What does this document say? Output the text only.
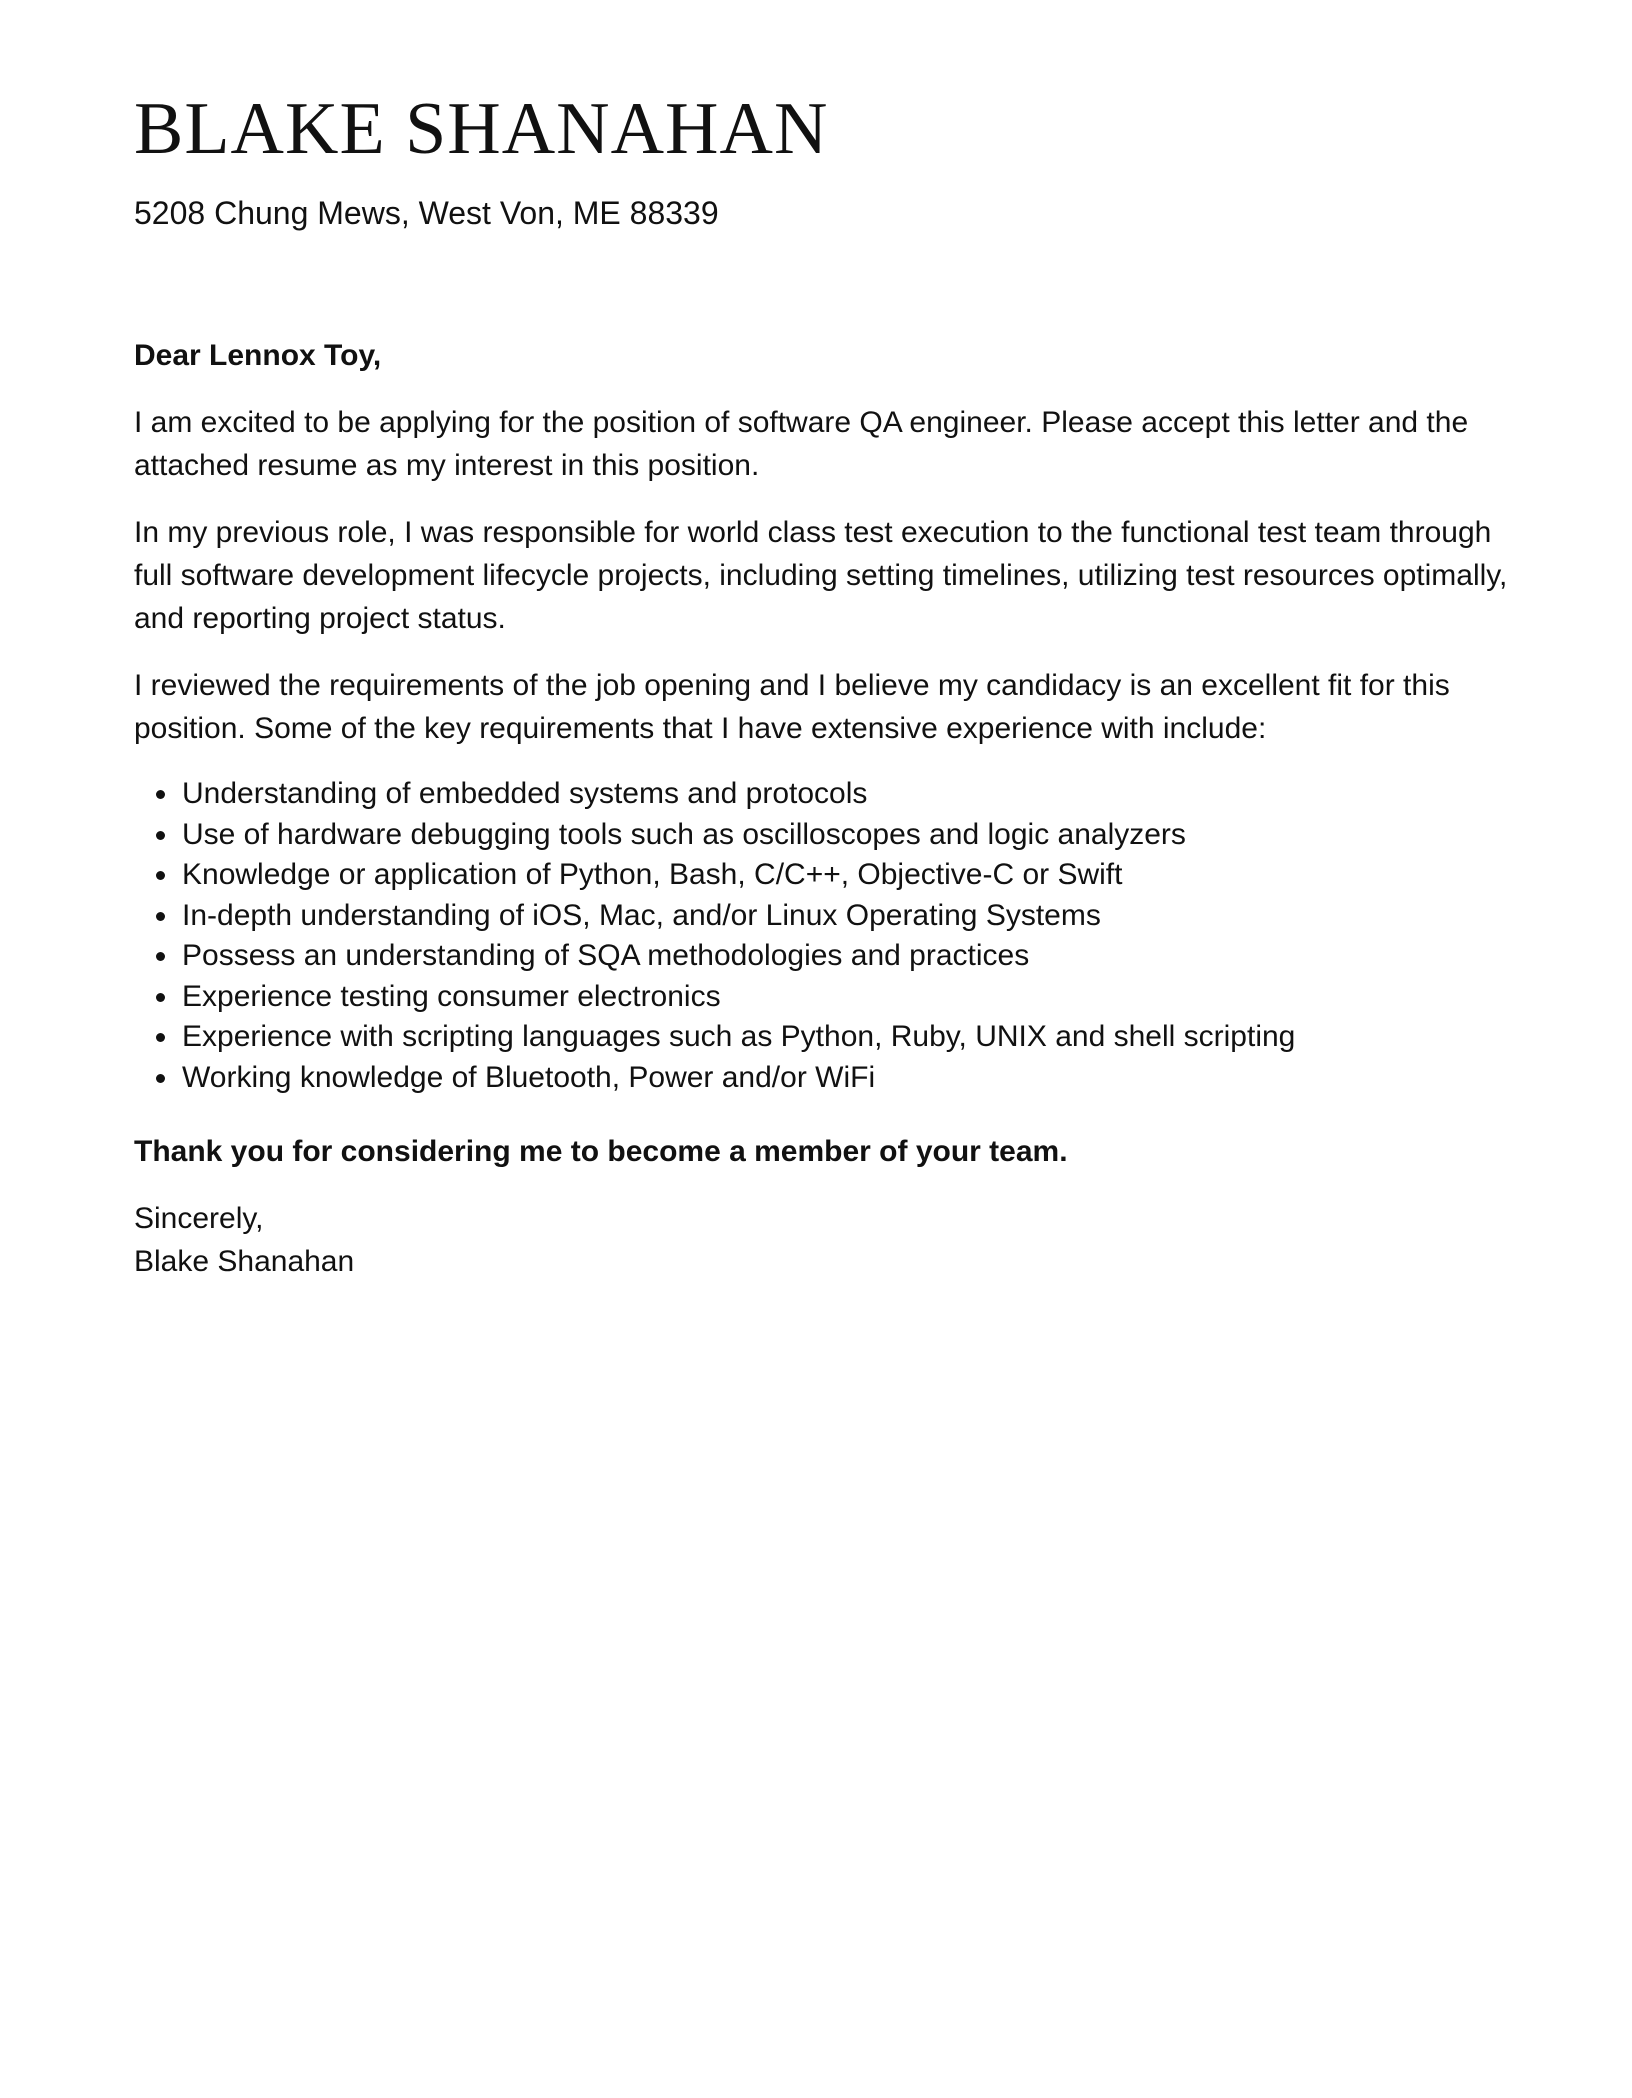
BLAKE SHANAHAN

5208 Chung Mews, West Von, ME 88339

Dear Lennox Toy,

I am excited to be applying for the position of software QA engineer. Please accept this letter and the attached resume as my interest in this position.

In my previous role, I was responsible for world class test execution to the functional test team through full software development lifecycle projects, including setting timelines, utilizing test resources optimally, and reporting project status.

I reviewed the requirements of the job opening and I believe my candidacy is an excellent fit for this position. Some of the key requirements that I have extensive experience with include:

Understanding of embedded systems and protocols
Use of hardware debugging tools such as oscilloscopes and logic analyzers
Knowledge or application of Python, Bash, C/C++, Objective-C or Swift
In-depth understanding of iOS, Mac, and/or Linux Operating Systems
Possess an understanding of SQA methodologies and practices
Experience testing consumer electronics
Experience with scripting languages such as Python, Ruby, UNIX and shell scripting
Working knowledge of Bluetooth, Power and/or WiFi

Thank you for considering me to become a member of your team.

Sincerely,

Blake Shanahan
